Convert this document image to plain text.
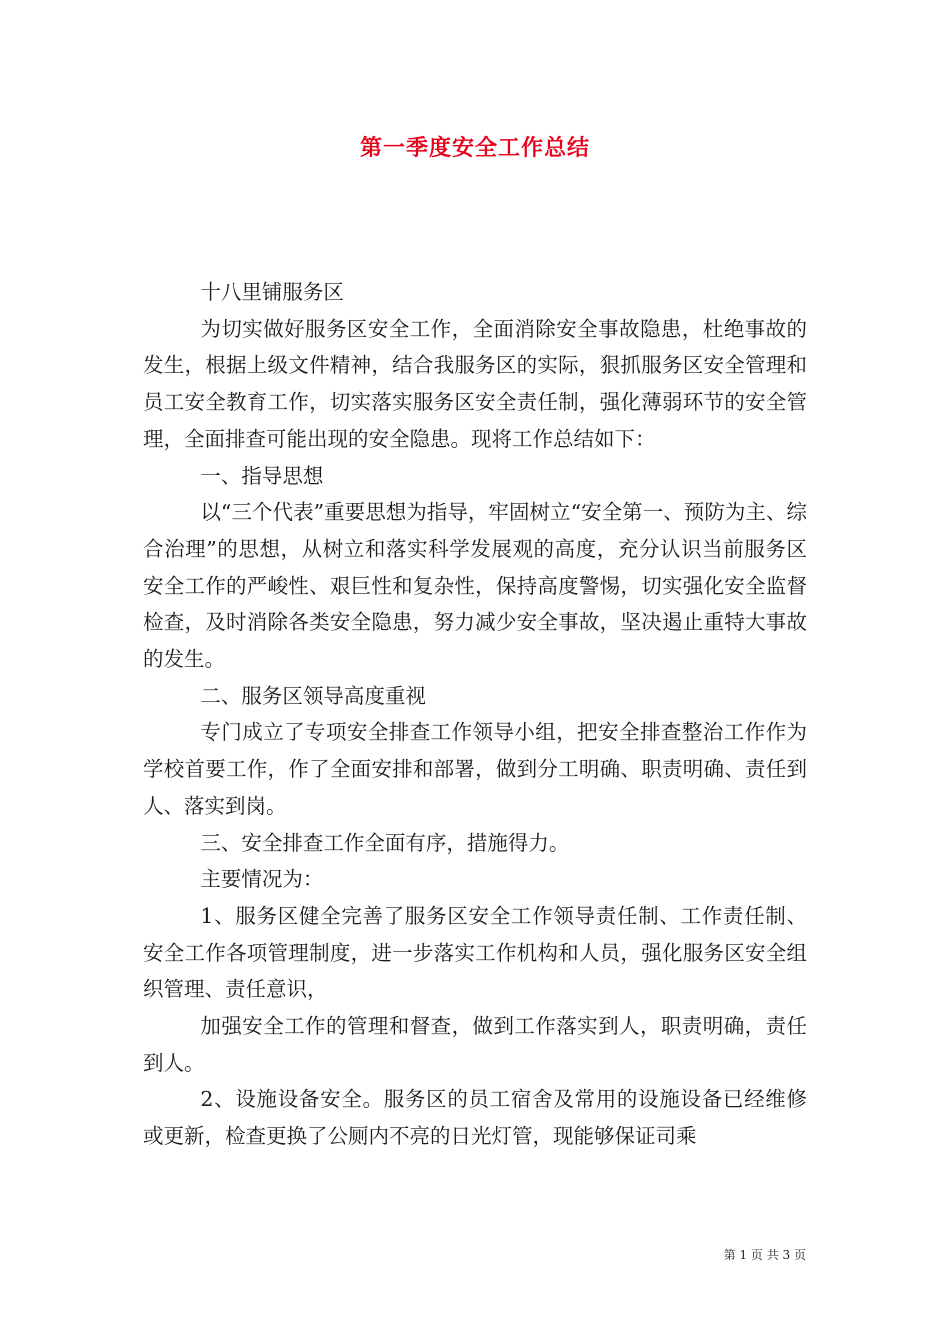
第一季度安全工作总结

十八里铺服务区

为切实做好服务区安全工作，全面消除安全事故隐患，杜绝事故的发生，根据上级文件精神，结合我服务区的实际，狠抓服务区安全管理和员工安全教育工作，切实落实服务区安全责任制，强化薄弱环节的安全管理，全面排查可能出现的安全隐患。现将工作总结如下：

一、指导思想

以“三个代表”重要思想为指导，牢固树立“安全第一、预防为主、综合治理”的思想，从树立和落实科学发展观的高度，充分认识当前服务区安全工作的严峻性、艰巨性和复杂性，保持高度警惕，切实强化安全监督检查，及时消除各类安全隐患，努力减少安全事故，坚决遏止重特大事故的发生。

二、服务区领导高度重视

专门成立了专项安全排查工作领导小组，把安全排查整治工作作为学校首要工作，作了全面安排和部署，做到分工明确、职责明确、责任到人、落实到岗。

三、安全排查工作全面有序，措施得力。

主要情况为：

1、服务区健全完善了服务区安全工作领导责任制、工作责任制、安全工作各项管理制度，进一步落实工作机构和人员，强化服务区安全组织管理、责任意识，

加强安全工作的管理和督查，做到工作落实到人，职责明确，责任到人。

2、设施设备安全。服务区的员工宿舍及常用的设施设备已经维修或更新，检查更换了公厕内不亮的日光灯管，现能够保证司乘

第 1 页 共 3 页
